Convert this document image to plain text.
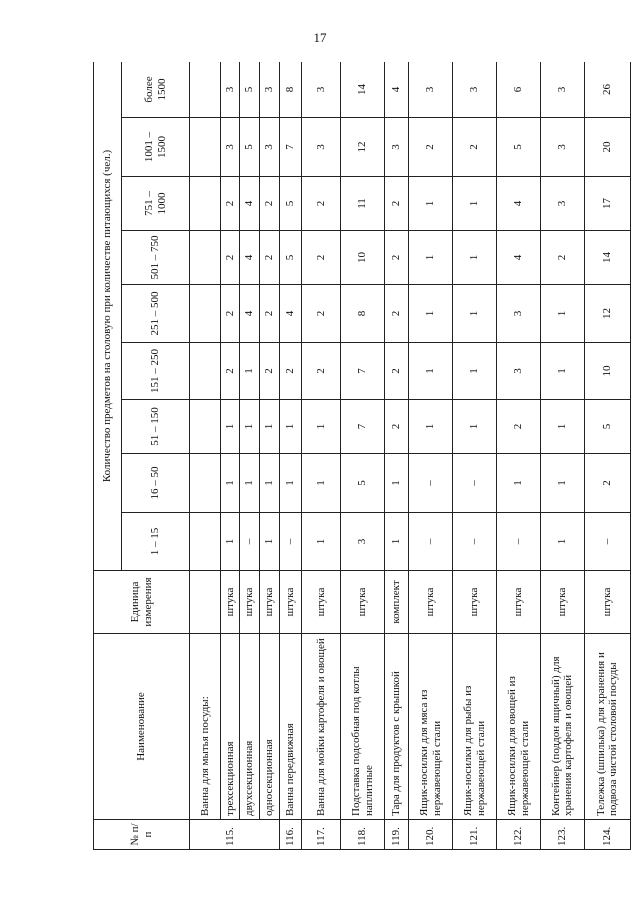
17
№ п/п	Наименование	Единица измерения	Количество предметов на столовую при количестве питающихся (чел.)								
			1 – 15	16 – 50	51 – 150	151 – 250	251 – 500	501 – 750	751 – 1000	1001 – 1500	более 1500
	Ванна для мытья посуды:										
115.	трехсекционная	штука	1	1	1	2	2	2	2	3	3
	двухсекционная	штука	–	1	1	1	4	4	4	5	5
	односекционная	штука	1	1	1	2	2	2	2	3	3
116.	Ванна передвижная	штука	–	1	1	2	4	5	5	7	8
117.	Ванна для мойки картофеля и овощей	штука	1	1	1	2	2	2	2	3	3
118.	Подставка подсобная под котлы наплитные	штука	3	5	7	7	8	10	11	12	14
119.	Тара для продуктов с крышкой	комплект	1	1	2	2	2	2	2	3	4
120.	Ящик-носилки для мяса из нержавеющей стали	штука	–	–	1	1	1	1	1	2	3
121.	Ящик-носилки для рыбы из нержавеющей стали	штука	–	–	1	1	1	1	1	2	3
122.	Ящик-носилки для овощей из нержавеющей стали	штука	–	1	2	3	3	4	4	5	6
123.	Контейнер (поддон ящичный) для хранения картофеля и овощей	штука	1	1	1	1	1	2	3	3	3
124.	Тележка (шпилька) для хранения и подвоза чистой столовой посуды	штука	–	2	5	10	12	14	17	20	26
